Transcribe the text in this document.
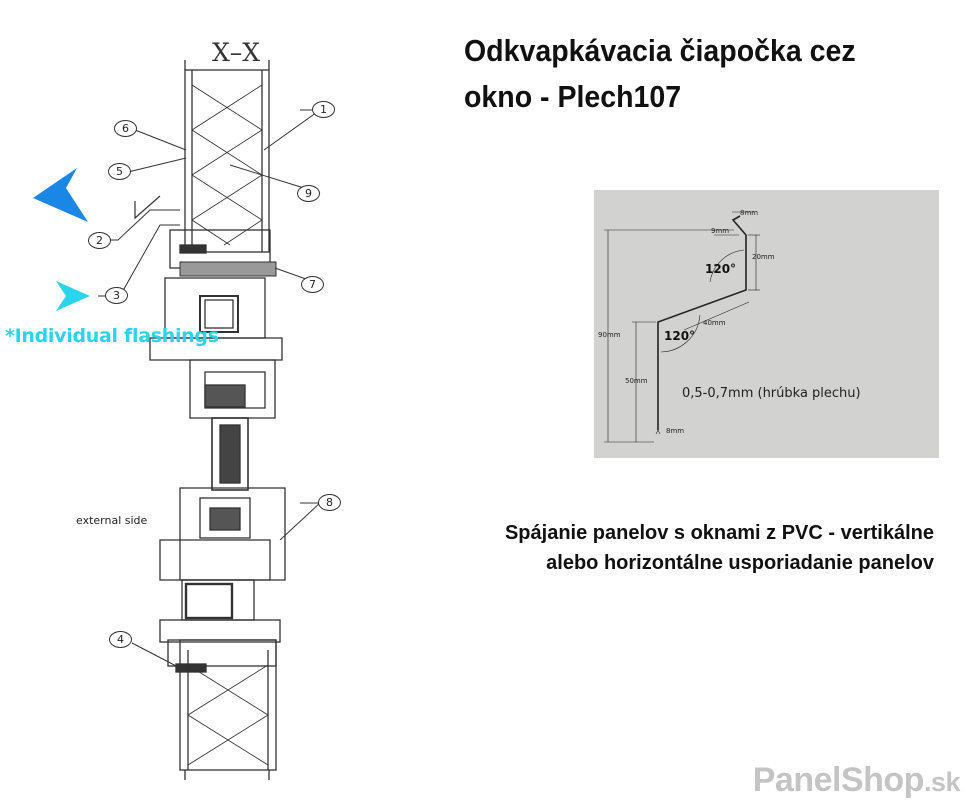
Odkvapkávacia čiapočka cez
okno - Plech107
X–X
external side
*Individual flashings
1
2
3
4
5
6
7
8
9
8mm
9mm
20mm
40mm
90mm
50mm
8mm
120°
120°
0,5-0,7mm (hrúbka plechu)
Spájanie panelov s oknami z PVC - vertikálne
alebo horizontálne usporiadanie panelov
PanelShop.sk
